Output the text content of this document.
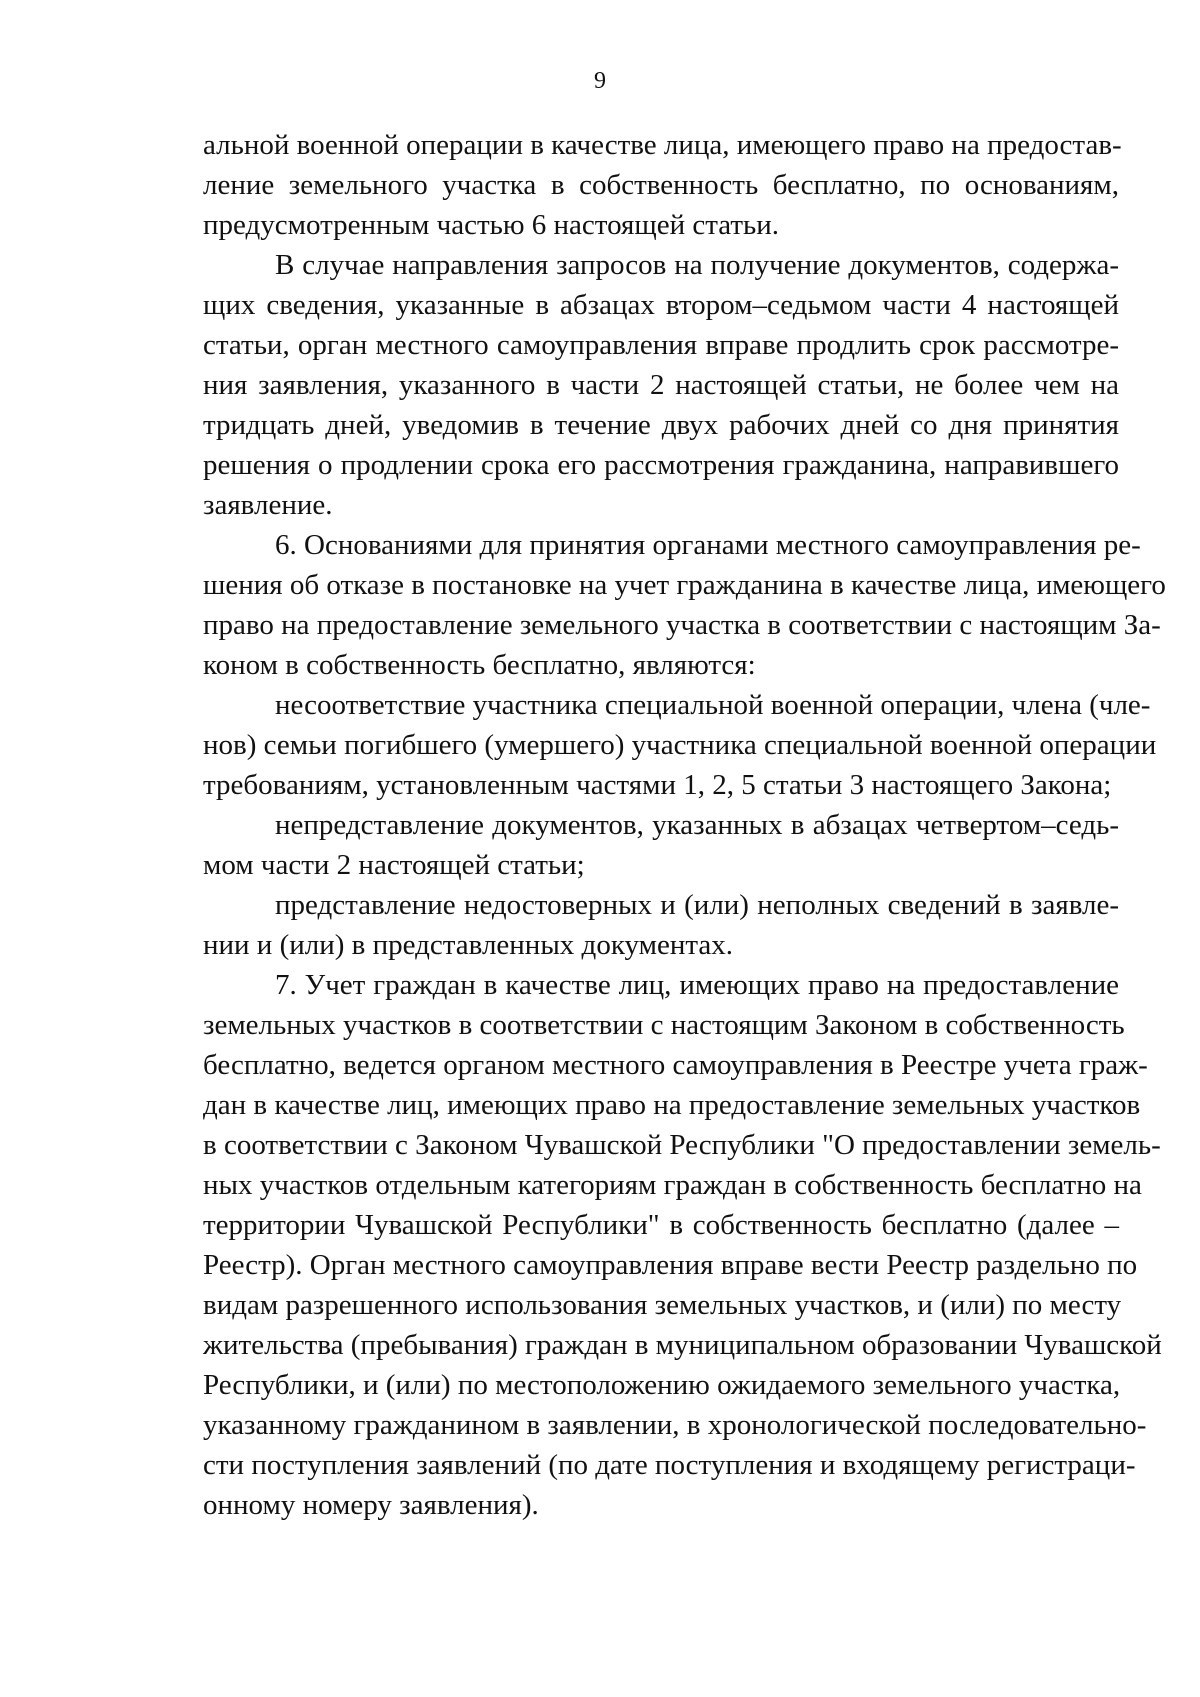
9
альной военной операции в качестве лица, имеющего право на предостав-
ление земельного участка в собственность бесплатно, по основаниям,
предусмотренным частью 6 настоящей статьи.
В случае направления запросов на получение документов, содержа-
щих сведения, указанные в абзацах втором–седьмом части 4 настоящей
статьи, орган местного самоуправления вправе продлить срок рассмотре-
ния заявления, указанного в части 2 настоящей статьи, не более чем на
тридцать дней, уведомив в течение двух рабочих дней со дня принятия
решения о продлении срока его рассмотрения гражданина, направившего
заявление.
6. Основаниями для принятия органами местного самоуправления ре-
шения об отказе в постановке на учет гражданина в качестве лица, имеющего
право на предоставление земельного участка в соответствии с настоящим За-
коном в собственность бесплатно, являются:
несоответствие участника специальной военной операции, члена (чле-
нов) семьи погибшего (умершего) участника специальной военной операции
требованиям, установленным частями 1, 2, 5 статьи 3 настоящего Закона;
непредставление документов, указанных в абзацах четвертом–седь-
мом части 2 настоящей статьи;
представление недостоверных и (или) неполных сведений в заявле-
нии и (или) в представленных документах.
7. Учет граждан в качестве лиц, имеющих право на предоставление
земельных участков в соответствии с настоящим Законом в собственность
бесплатно, ведется органом местного самоуправления в Реестре учета граж-
дан в качестве лиц, имеющих право на предоставление земельных участков
в соответствии с Законом Чувашской Республики "О предоставлении земель-
ных участков отдельным категориям граждан в собственность бесплатно на
территории Чувашской Республики" в собственность бесплатно (далее –
Реестр). Орган местного самоуправления вправе вести Реестр раздельно по
видам разрешенного использования земельных участков, и (или) по месту
жительства (пребывания) граждан в муниципальном образовании Чувашской
Республики, и (или) по местоположению ожидаемого земельного участка,
указанному гражданином в заявлении, в хронологической последовательно-
сти поступления заявлений (по дате поступления и входящему регистраци-
онному номеру заявления).
